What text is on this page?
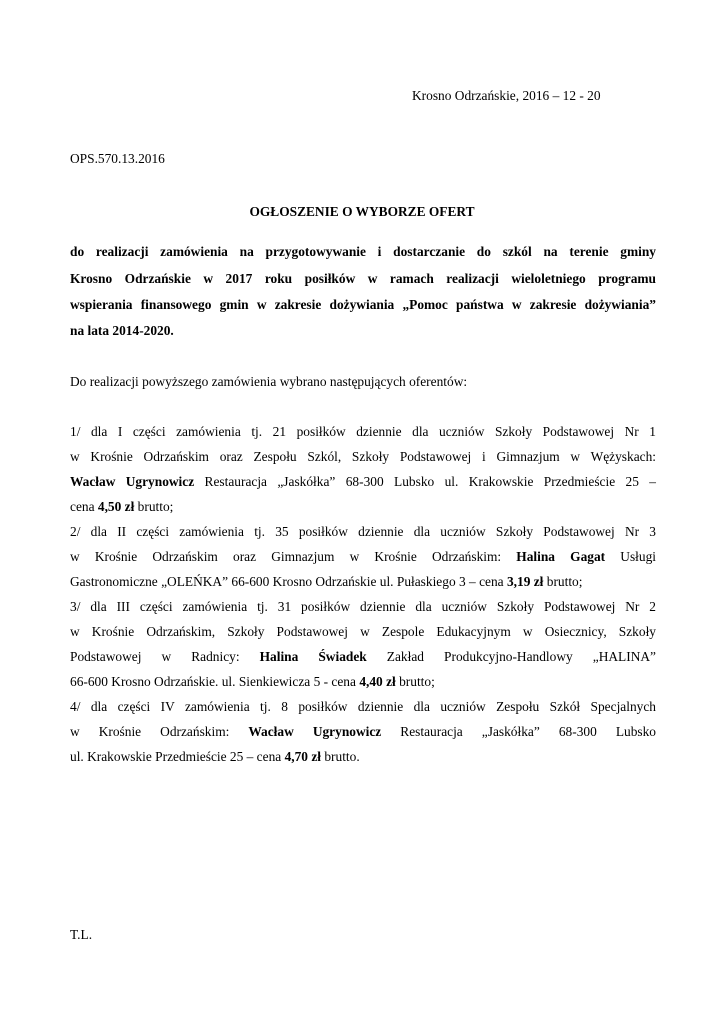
Krosno Odrzańskie, 2016 – 12 - 20
OPS.570.13.2016
OGŁOSZENIE O WYBORZE OFERT
do realizacji zamówienia na przygotowywanie i dostarczanie do szkól na terenie gminy
Krosno Odrzańskie w 2017 roku posiłków w ramach realizacji wieloletniego programu
wspierania finansowego gmin w zakresie dożywiania „Pomoc państwa w zakresie dożywiania”
na lata 2014-2020.
Do realizacji powyższego zamówienia wybrano następujących oferentów:
1/ dla I części zamówienia tj. 21 posiłków dziennie dla uczniów Szkoły Podstawowej Nr 1
w Krośnie Odrzańskim oraz Zespołu Szkól, Szkoły Podstawowej i Gimnazjum w Wężyskach:
Wacław Ugrynowicz Restauracja „Jaskółka” 68-300 Lubsko ul. Krakowskie Przedmieście 25 –
cena 4,50 zł brutto;
2/ dla II części zamówienia tj. 35 posiłków dziennie dla uczniów Szkoły Podstawowej Nr 3
w Krośnie Odrzańskim oraz Gimnazjum w Krośnie Odrzańskim: Halina Gagat Usługi
Gastronomiczne „OLEŃKA” 66-600 Krosno Odrzańskie ul. Pułaskiego 3 – cena 3,19 zł brutto;
3/ dla III części zamówienia tj. 31 posiłków dziennie dla uczniów Szkoły Podstawowej Nr 2
w Krośnie Odrzańskim, Szkoły Podstawowej w Zespole Edukacyjnym w Osiecznicy, Szkoły
Podstawowej w Radnicy: Halina Świadek Zakład Produkcyjno-Handlowy „HALINA”
66-600 Krosno Odrzańskie. ul. Sienkiewicza 5 - cena 4,40 zł brutto;
4/ dla części IV zamówienia tj. 8 posiłków dziennie dla uczniów Zespołu Szkół Specjalnych
w Krośnie Odrzańskim: Wacław Ugrynowicz Restauracja „Jaskółka” 68-300 Lubsko
ul. Krakowskie Przedmieście 25 – cena 4,70 zł brutto.
T.L.
